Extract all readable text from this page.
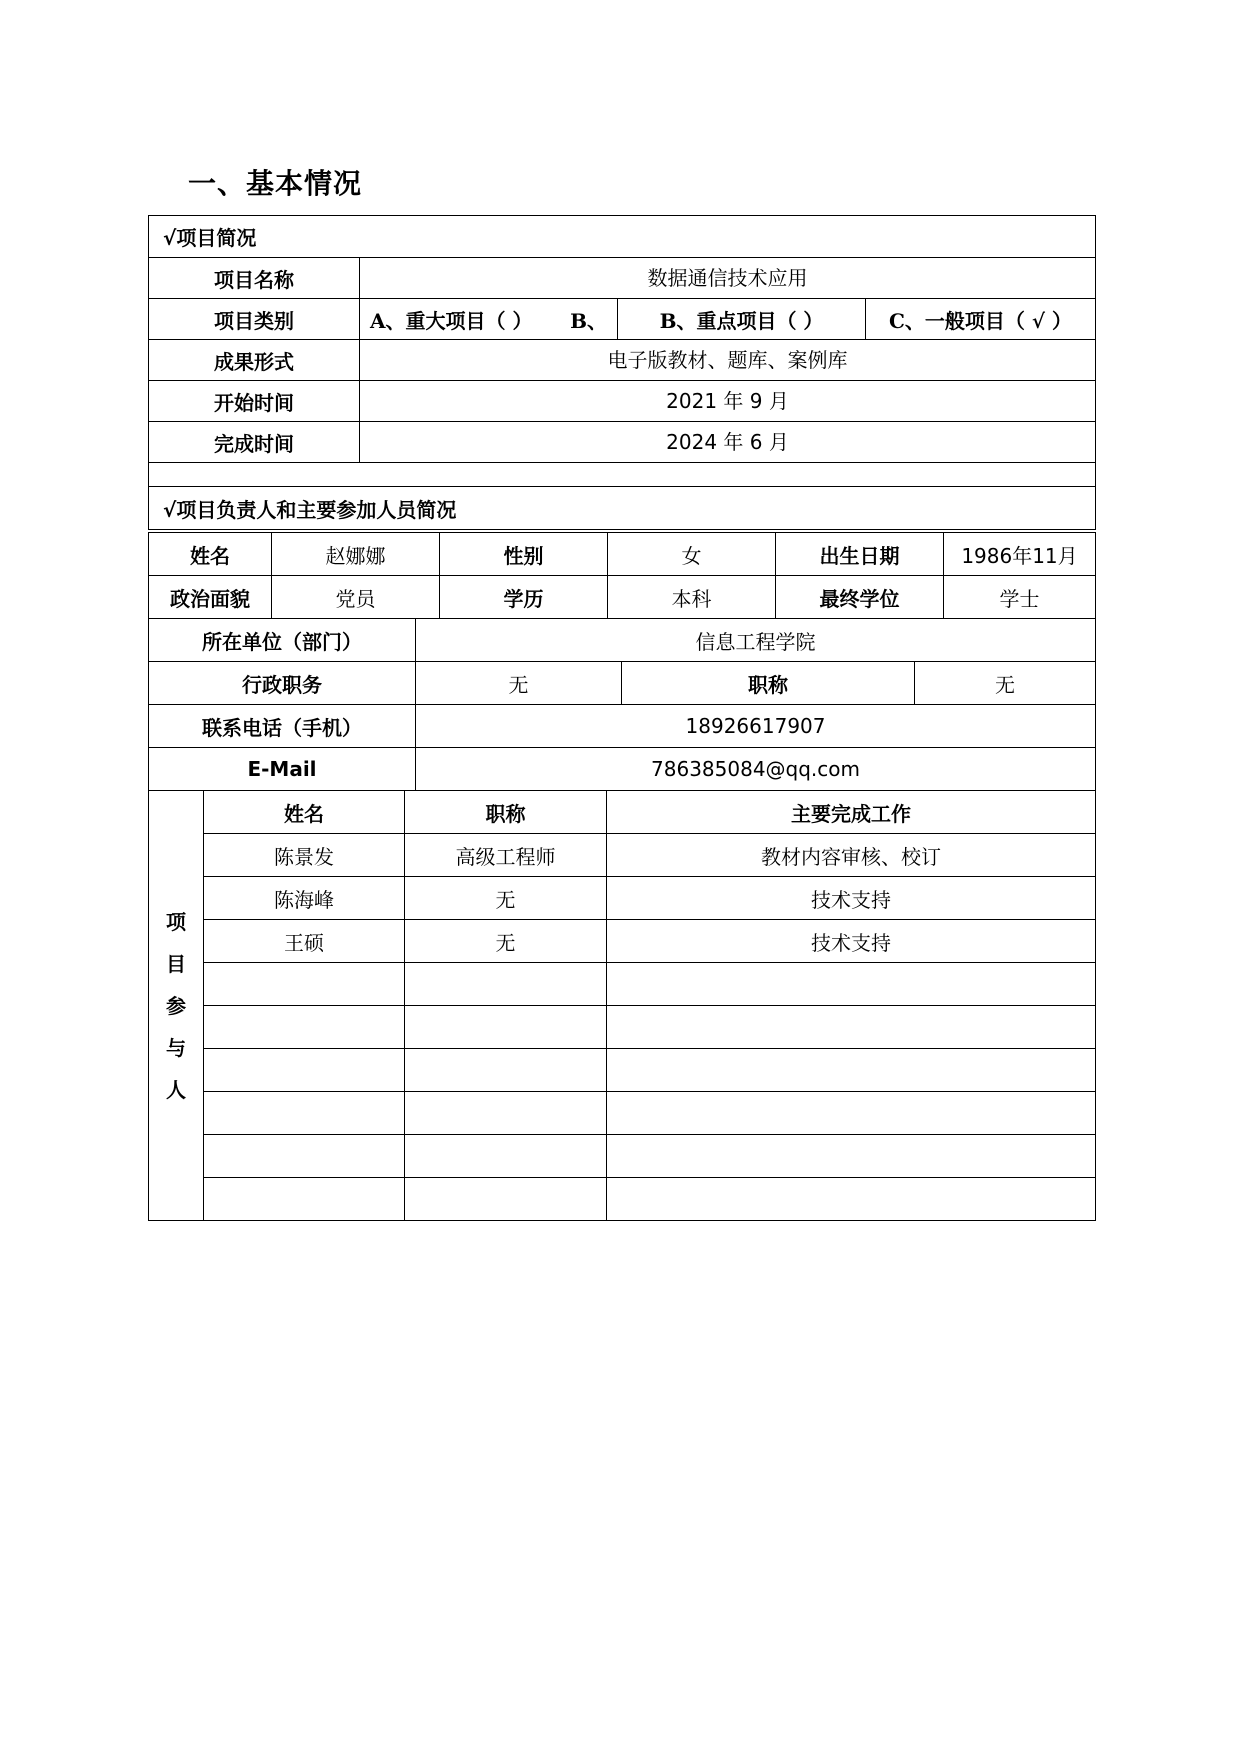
一、基本情况
√项目简况			
项目名称	数据通信技术应用		
项目类别	A、重大项目（ ） B、	B、重点项目（ ）	C、一般项目（ √ ）
成果形式	电子版教材、题库、案例库		
开始时间	2021 年 9 月		
完成时间	2024 年 6 月		

√项目负责人和主要参加人员简况			
姓名	赵娜娜	性别	女	出生日期	1986年11月
政治面貌	党员	学历	本科	最终学位	学士
所在单位（部门）	信息工程学院		
行政职务	无	职称	无
联系电话（手机）	18926617907		
E-Mail	786385084@qq.com		
项目参与人	姓名	职称	主要完成工作
	陈景发	高级工程师	教材内容审核、校订
	陈海峰	无	技术支持
	王硕	无	技术支持
